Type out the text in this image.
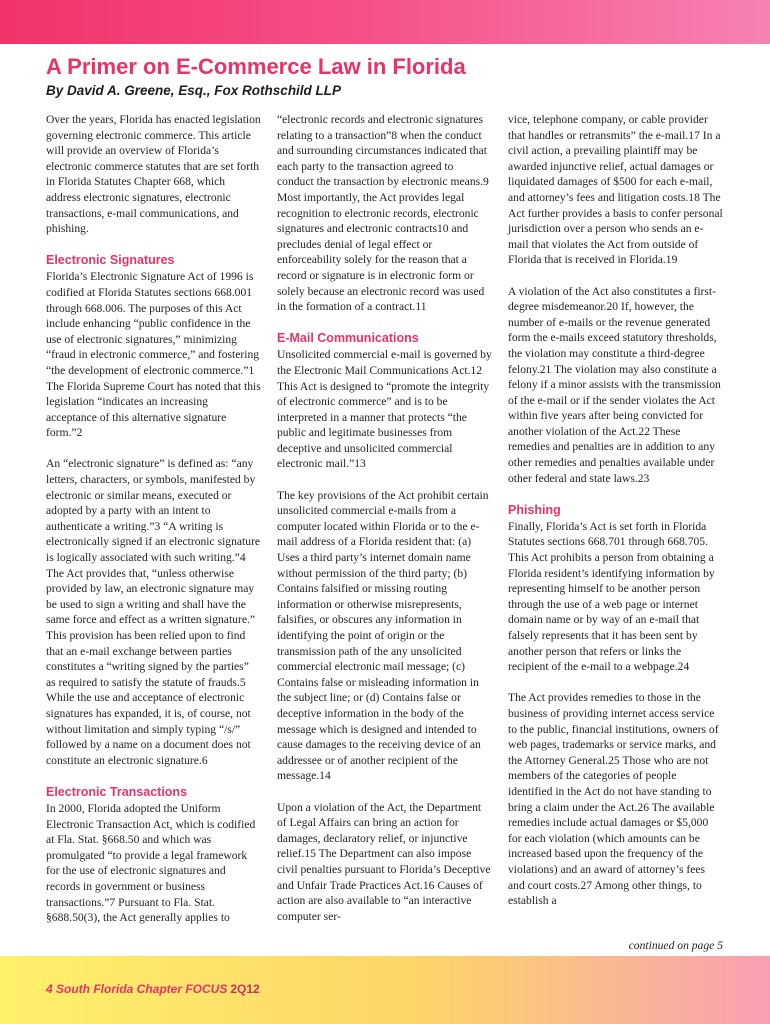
A Primer on E-Commerce Law in Florida

By David A. Greene, Esq., Fox Rothschild LLP

Over the years, Florida has enacted legislation governing electronic commerce. This article will provide an overview of Florida’s electronic commerce statutes that are set forth in Florida Statutes Chapter 668, which address electronic signatures, electronic transactions, e-mail communications, and phishing.

Electronic Signatures

Florida’s Electronic Signature Act of 1996 is codified at Florida Statutes sections 668.001 through 668.006. The purposes of this Act include enhancing “public confidence in the use of electronic signatures,” minimizing “fraud in electronic commerce,” and fostering “the development of electronic commerce.”1 The Florida Supreme Court has noted that this legislation “indicates an increasing acceptance of this alternative signature form.”2

An “electronic signature” is defined as: “any letters, characters, or symbols, manifested by electronic or similar means, executed or adopted by a party with an intent to authenticate a writing.”3 “A writing is electronically signed if an electronic signature is logically associated with such writing.”4 The Act provides that, “unless otherwise provided by law, an electronic signature may be used to sign a writing and shall have the same force and effect as a written signature.” This provision has been relied upon to find that an e-mail exchange between parties constitutes a “writing signed by the parties” as required to satisfy the statute of frauds.5 While the use and acceptance of electronic signatures has expanded, it is, of course, not without limitation and simply typing “/s/” followed by a name on a document does not constitute an electronic signature.6

Electronic Transactions

In 2000, Florida adopted the Uniform Electronic Transaction Act, which is codified at Fla. Stat. §668.50 and which was promulgated “to provide a legal framework for the use of electronic signatures and records in government or business transactions.”7 Pursuant to Fla. Stat. §688.50(3), the Act generally applies to

“electronic records and electronic signatures relating to a transaction”8 when the conduct and surrounding circumstances indicated that each party to the transaction agreed to conduct the transaction by electronic means.9 Most importantly, the Act provides legal recognition to electronic records, electronic signatures and electronic contracts10 and precludes denial of legal effect or enforceability solely for the reason that a record or signature is in electronic form or solely because an electronic record was used in the formation of a contract.11

E-Mail Communications

Unsolicited commercial e-mail is governed by the Electronic Mail Communications Act.12 This Act is designed to “promote the integrity of electronic commerce” and is to be interpreted in a manner that protects “the public and legitimate businesses from deceptive and unsolicited commercial electronic mail.”13

The key provisions of the Act prohibit certain unsolicited commercial e-mails from a computer located within Florida or to the e-mail address of a Florida resident that: (a) Uses a third party’s internet domain name without permission of the third party; (b) Contains falsified or missing routing information or otherwise misrepresents, falsifies, or obscures any information in identifying the point of origin or the transmission path of the any unsolicited commercial electronic mail message; (c) Contains false or misleading information in the subject line; or (d) Contains false or deceptive information in the body of the message which is designed and intended to cause damages to the receiving device of an addressee or of another recipient of the message.14

Upon a violation of the Act, the Department of Legal Affairs can bring an action for damages, declaratory relief, or injunctive relief.15 The Department can also impose civil penalties pursuant to Florida’s Deceptive and Unfair Trade Practices Act.16 Causes of action are also available to “an interactive computer ser-

vice, telephone company, or cable provider that handles or retransmits” the e-mail.17 In a civil action, a prevailing plaintiff may be awarded injunctive relief, actual damages or liquidated damages of $500 for each e-mail, and attorney’s fees and litigation costs.18 The Act further provides a basis to confer personal jurisdiction over a person who sends an e-mail that violates the Act from outside of Florida that is received in Florida.19

A violation of the Act also constitutes a first-degree misdemeanor.20 If, however, the number of e-mails or the revenue generated form the e-mails exceed statutory thresholds, the violation may constitute a third-degree felony.21 The violation may also constitute a felony if a minor assists with the transmission of the e-mail or if the sender violates the Act within five years after being convicted for another violation of the Act.22 These remedies and penalties are in addition to any other remedies and penalties available under other federal and state laws.23

Phishing

Finally, Florida’s Act is set forth in Florida Statutes sections 668.701 through 668.705. This Act prohibits a person from obtaining a Florida resident’s identifying information by representing himself to be another person through the use of a web page or internet domain name or by way of an e-mail that falsely represents that it has been sent by another person that refers or links the recipient of the e-mail to a webpage.24

The Act provides remedies to those in the business of providing internet access service to the public, financial institutions, owners of web pages, trademarks or service marks, and the Attorney General.25 Those who are not members of the categories of people identified in the Act do not have standing to bring a claim under the Act.26 The available remedies include actual damages or $5,000 for each violation (which amounts can be increased based upon the frequency of the violations) and an award of attorney’s fees and court costs.27 Among other things, to establish a

continued on page 5
4 South Florida Chapter FOCUS 2Q12
